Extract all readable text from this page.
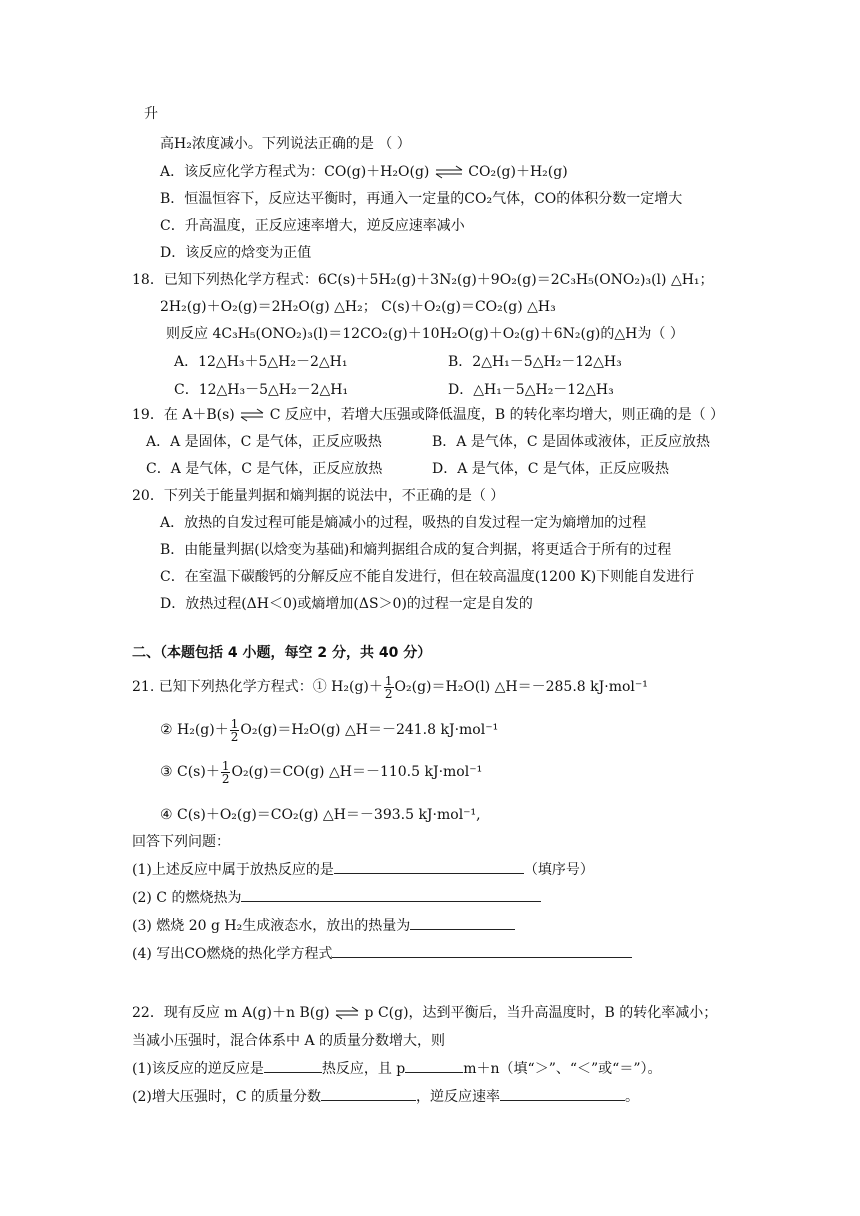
升
高H₂浓度减小。下列说法正确的是 （ ）
A．该反应化学方程式为：CO(g)＋H₂O(g) ⇌ CO₂(g)＋H₂(g)
B．恒温恒容下，反应达平衡时，再通入一定量的CO₂气体，CO的体积分数一定增大
C．升高温度，正反应速率增大，逆反应速率减小
D．该反应的焓变为正值
18．已知下列热化学方程式：6C(s)＋5H₂(g)＋3N₂(g)＋9O₂(g)＝2C₃H₅(ONO₂)₃(l) △H₁；
2H₂(g)＋O₂(g)＝2H₂O(g) △H₂； C(s)＋O₂(g)＝CO₂(g) △H₃
则反应 4C₃H₅(ONO₂)₃(l)＝12CO₂(g)＋10H₂O(g)＋O₂(g)＋6N₂(g)的△H为（ ）
A．12△H₃＋5△H₂－2△H₁	B．2△H₁－5△H₂－12△H₃
C．12△H₃－5△H₂－2△H₁	D．△H₁－5△H₂－12△H₃
19．在 A＋B(s) ⇌ C 反应中，若增大压强或降低温度，B 的转化率均增大，则正确的是（ ）
A．A 是固体，C 是气体，正反应吸热	B．A 是气体，C 是固体或液体，正反应放热
C．A 是气体，C 是气体，正反应放热	D．A 是气体，C 是气体，正反应吸热
20．下列关于能量判据和熵判据的说法中，不正确的是（ ）
A．放热的自发过程可能是熵减小的过程，吸热的自发过程一定为熵增加的过程
B．由能量判据(以焓变为基础)和熵判据组合成的复合判据，将更适合于所有的过程
C．在室温下碳酸钙的分解反应不能自发进行，但在较高温度(1200 K)下则能自发进行
D．放热过程(ΔH＜0)或熵增加(ΔS＞0)的过程一定是自发的
二、（本题包括 4 小题，每空 2 分，共 40 分）
21. 已知下列热化学方程式：① $H_2(g)+ \frac{1}{2} O_2(g)=H_2O(l)$ △H＝－285.8 kJ·mol⁻¹
② $H_2(g)+ \frac{1}{2} O_2(g)=H_2O(g)$ △H＝－241.8 kJ·mol⁻¹
③ $C(s)+ \frac{1}{2} O_2(g)=CO(g)$ △H＝－110.5 kJ·mol⁻¹
④ C(s)＋O₂(g)＝CO₂(g) △H＝－393.5 kJ·mol⁻¹,
回答下列问题：
(1)上述反应中属于放热反应的是	（填序号）
(2) C 的燃烧热为
(3) 燃烧 20 g H₂生成液态水，放出的热量为
(4) 写出CO燃烧的热化学方程式
22．现有反应 m A(g)＋n B(g) ⇌ p C(g)，达到平衡后，当升高温度时，B 的转化率减小；
当减小压强时，混合体系中 A 的质量分数增大，则
(1)该反应的逆反应是	热反应，且 p	m＋n（填“＞”、“＜”或“＝”）。
(2)增大压强时，C 的质量分数	，逆反应速率	。
